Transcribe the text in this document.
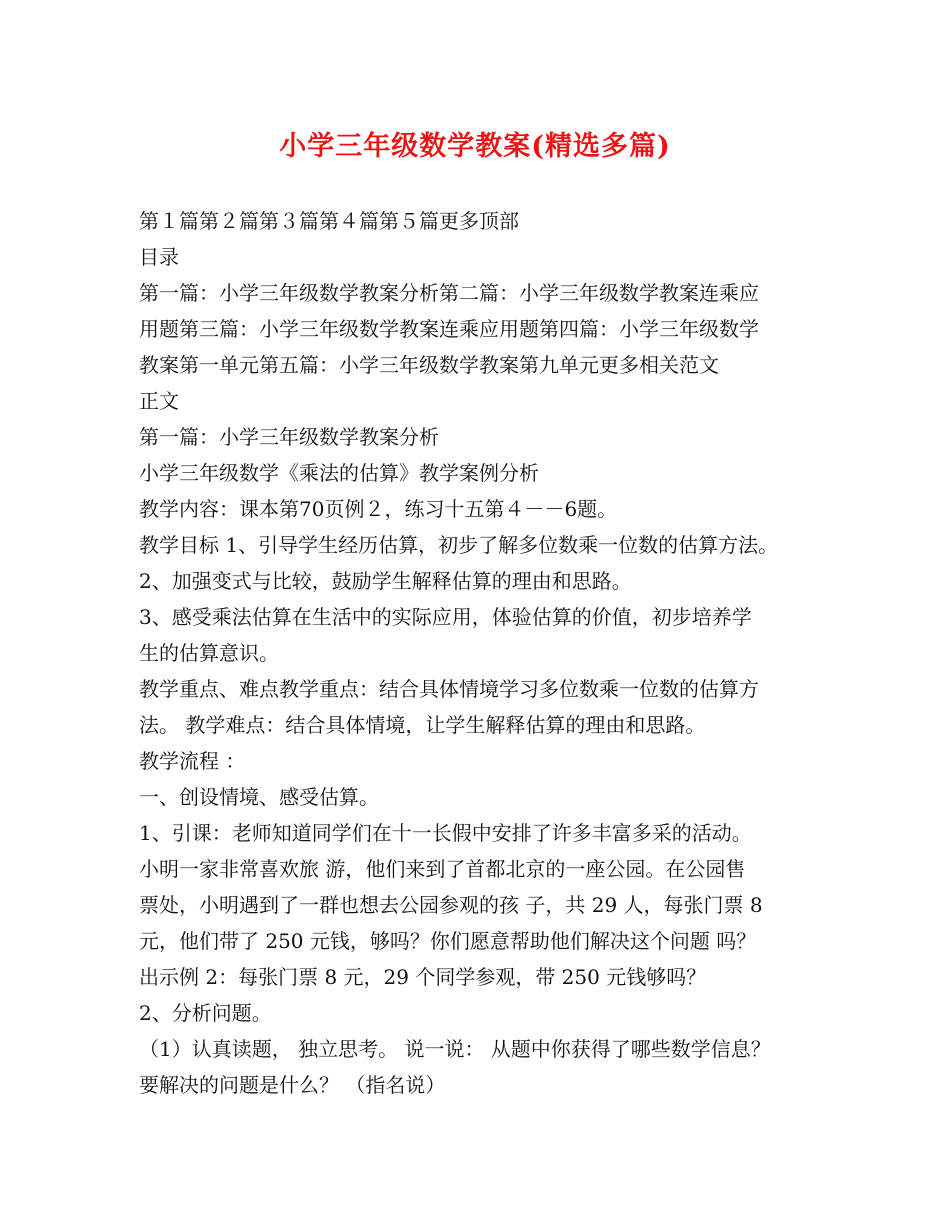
小学三年级数学教案(精选多篇)
第１篇第２篇第３篇第４篇第５篇更多顶部
目录
第一篇：小学三年级数学教案分析第二篇：小学三年级数学教案连乘应
用题第三篇：小学三年级数学教案连乘应用题第四篇：小学三年级数学
教案第一单元第五篇：小学三年级数学教案第九单元更多相关范文
正文
第一篇：小学三年级数学教案分析
小学三年级数学《乘法的估算》教学案例分析
教学内容：课本第70页例２，练习十五第４－－6题。
教学目标 1、引导学生经历估算，初步了解多位数乘一位数的估算方法。
2、加强变式与比较，鼓励学生解释估算的理由和思路。
3、感受乘法估算在生活中的实际应用，体验估算的价值，初步培养学
生的估算意识。
教学重点、难点教学重点：结合具体情境学习多位数乘一位数的估算方
法。 教学难点：结合具体情境，让学生解释估算的理由和思路。
教学流程 ：
一、创设情境、感受估算。
1、引课：老师知道同学们在十一长假中安排了许多丰富多采的活动。
小明一家非常喜欢旅 游，他们来到了首都北京的一座公园。在公园售
票处，小明遇到了一群也想去公园参观的孩 子，共 29 人，每张门票 8
元，他们带了 250 元钱，够吗？你们愿意帮助他们解决这个问题 吗？
出示例 2：每张门票 8 元，29 个同学参观，带 250 元钱够吗？
2、分析问题。
（1）认真读题， 独立思考。 说一说： 从题中你获得了哪些数学信息？
要解决的问题是什么？ （指名说）
